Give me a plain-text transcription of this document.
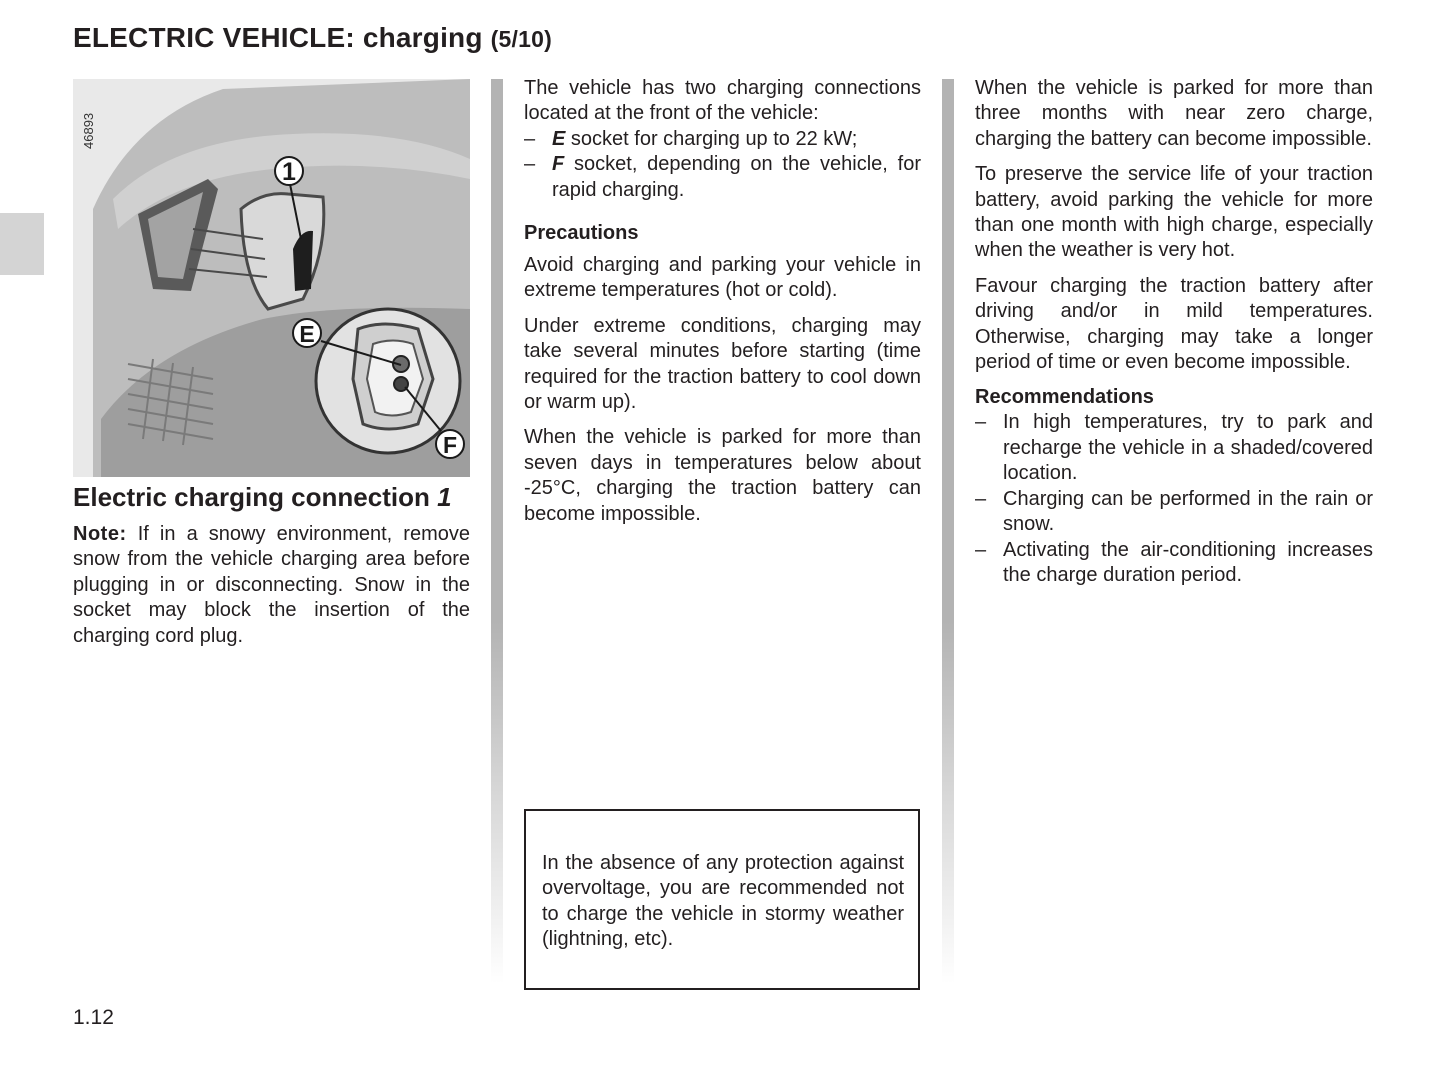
ELECTRIC VEHICLE: charging (5/10)
1
E
F
46893
Electric charging connection 1

Note: If in a snowy environment, remove snow from the vehicle charging area before plugging in or disconnecting. Snow in the socket may block the insertion of the charging cord plug.

The vehicle has two charging connections located at the front of the vehicle:

– E socket for charging up to 22 kW;
– F socket, depending on the vehicle, for rapid charging.
Precautions

Avoid charging and parking your vehicle in extreme temperatures (hot or cold).

Under extreme conditions, charging may take several minutes before starting (time required for the traction battery to cool down or warm up).

When the vehicle is parked for more than seven days in temperatures below about -25°C, charging the traction battery can become impossible.

In the absence of any protection against overvoltage, you are recommended not to charge the vehicle in stormy weather (lightning, etc).

When the vehicle is parked for more than three months with near zero charge, charging the battery can become impossible.

To preserve the service life of your traction battery, avoid parking the vehicle for more than one month with high charge, especially when the weather is very hot.

Favour charging the traction battery after driving and/or in mild temperatures. Otherwise, charging may take a longer period of time or even become impossible.

Recommendations
– In high temperatures, try to park and recharge the vehicle in a shaded/covered location.
– Charging can be performed in the rain or snow.
– Activating the air-conditioning increases the charge duration period.
1.12
